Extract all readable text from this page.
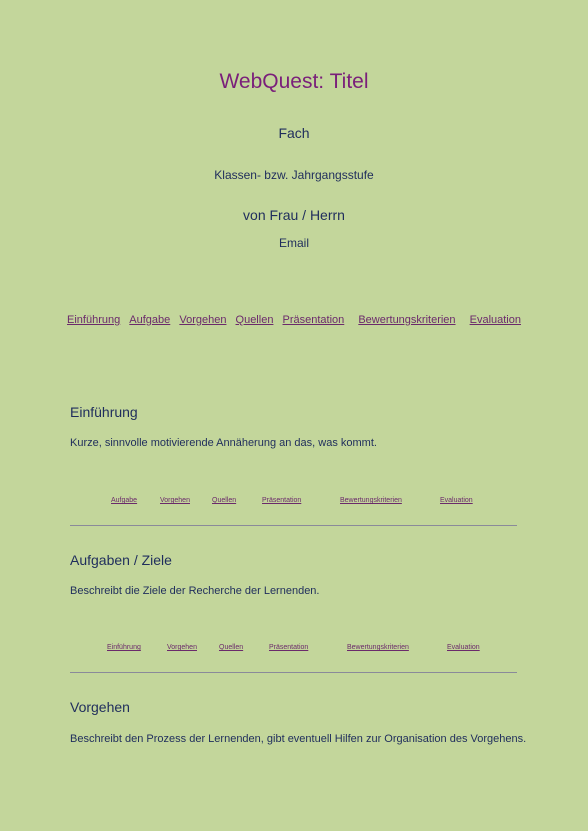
WebQuest: Titel
Fach
Klassen- bzw. Jahrgangsstufe
von Frau / Herrn
Email
Einführung Aufgabe Vorgehen Quellen Präsentation Bewertungskriterien Evaluation
Einführung
Kurze, sinnvolle motivierende Annäherung an das, was kommt.
Aufgabe	Vorgehen	Quellen	Präsentation	Bewertungskriterien	Evaluation
Aufgaben / Ziele
Beschreibt die Ziele der Recherche der Lernenden.
Einführung	Vorgehen	Quellen	Präsentation	Bewertungskriterien	Evaluation
Vorgehen
Beschreibt den Prozess der Lernenden, gibt eventuell Hilfen zur Organisation des Vorgehens.
